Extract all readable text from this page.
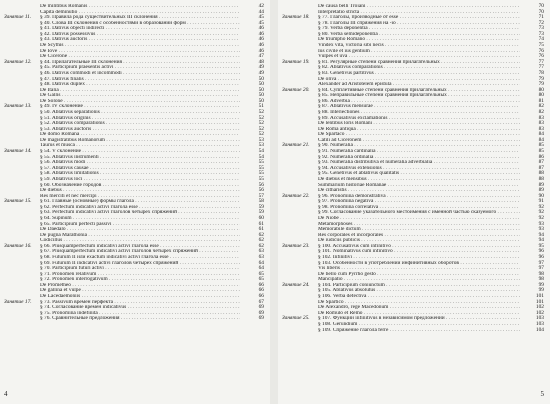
De militibus Romanis . . .	42
Capita deminutio . . .	44
Занятие 11. § 39. Правила рода существительных III склонения . . .	45
§ 40. Слова III склонения с особенностями в образовании форм . . .	45
§ 41. Dativus objecti indirecti . . .	46
§ 42. Dativus possessivus . . .	46
§ 43. Dativus auctoris . . .	46
De Scythis . . .	46
De Iove . . .	46
De Cicerone . . .	47
Занятие 12. § 44. Прилагательные III склонения . . .	48
§ 45. Participium praesentis activi . . .	49
§ 46. Dativus commodi et incommodi . . .	49
§ 47. Dativus finalis . . .	50
§ 48. Dativus duplex . . .	50
De Italia . . .	50
De Gallis . . .	50
De Solone . . .	50
Занятие 13. § 49. IV склонение . . .	51
§ 50. Ablativus separationis . . .	52
§ 51. Ablativus originis . . .	52
§ 52. Ablativus comparationis . . .	52
§ 53. Ablativus auctoris . . .	52
De domo Romana . . .	52
De magistratibus Romanorum . . .	53
Taurus et musca . . .	53
Занятие 14. § 54. V склонение . . .	54
§ 55. Ablativus instrumenti . . .	54
§ 56. Ablativus modi . . .	55
§ 57. Ablativus causae . . .	55
§ 58. Ablativus limitationis . . .	55
§ 59. Ablativus loci . . .	55
§ 60. Обозначение городов . . .	56
De diebus . . .	56
Res merciti et nec mercipi . . .	57
Занятие 15. § 61. Главные (основные) формы глагола . . .	58
§ 62. Perfectum indicativi activi глагола esse . . .	59
§ 63. Perfectum indicativi activi глаголов четырех спряжений . . .	59
§ 64. Supinum . . .	60
§ 65. Participium perfecti passivi . . .	61
De Daedalo . . .	61
De pugna Marathonia . . .	62
Codicillus . . .	62
Занятие 16. § 66. Plusquamperfectum indicativi activi глагола esse . . .	62
§ 67. Plusquamperfectum indicativi activi глаголов четырех спряжений . . .	63
§ 68. Futurum II или exactum indicativi activi глагола esse . . .	63
§ 69. Futurum II indicativi activi глаголов четырех спряжений . . .	64
§ 70. Participium futuri activi . . .	64
§ 71. Pronomen relativum . . .	65
§ 72. Pronomen interrogativum . . .	65
De Prometheo . . .	66
De gallina et vulpe . . .	66
De Lacedaemoniis . . .	66
Занятие 17. § 73. Passivum времен перфекта . . .	67
§ 74. Согласование времен indicativus . . .	69
§ 75. Pronomina indefinita . . .	69
§ 76. Сравнительные предложения . . .	69
4
De causa belli Troiani . . .	70
Interpretatio stricta . . .	70
Занятие 18. § 77. Глаголы, производные от esse . . .	71
§ 78. Глаголы III спряжения на -io . . .	72
§ 79. Verba deponentia . . .	73
§ 80. Verba semideponentia . . .	73
De triumpho Romano . . .	74
Vindex vita, victoria sibi necis . . .	75
Ius civile et ius gentium . . .	76
Vulpes et uva . . .	76
Занятие 19. § 81. Регулярные степени сравнения прилагательных . . .	77
§ 82. Ablativus comparationis . . .	77
§ 83. Genetivus partitivus . . .	78
De oliva . . .	79
Alexander ad Aristotelem epistula . . .	79
Занятие 20. § 84. Супплетивные степени сравнения прилагательных . . .	80
§ 85. Неправильные степени сравнения прилагательных . . .	80
§ 86. Adverbia . . .	81
§ 87. Ablativus mensurae . . .	82
§ 88. Interiectiones . . .	82
§ 89. Accusativus exclamationis . . .	83
De lentibus loris Romani . . .	83
De Roma antiqua . . .	83
De Spartaco . . .	84
Catili ad Ciceronem . . .	84
Занятие 21. § 90. Numeralia . . .	85
§ 91. Numeralia cardinalia . . .	85
§ 92. Numeralia ordinalia . . .	86
§ 93. Numeralia distributiva et numeralia adverbialia . . .	87
§ 94. Accusativus extensionis . . .	87
§ 95. Genetivus et ablativus qualitatis . . .	88
De diebus et mensibus . . .	88
Summarium historiae Romanae . . .	89
De citharistis . . .	89
Занятие 22. § 96. Pronomina demonstrativa . . .	90
§ 97. Pronomina negativa . . .	91
§ 98. Pronomina correlativa . . .	92
§ 99. Согласование указательного местоимения с именной частью сказуемого . . .	92
De Niobe . . .	92
Metamorphoses . . .	93
Memorabile dictum . . .	93
Res corporales et incorporales . . .	94
De iudiciis publicis . . .	94
Занятие 23. § 100. Accusativus cum infinitivo . . .	95
§ 101. Nominativus cum infinitivo . . .	96
§ 102. Infinitivi . . .	96
§ 103. Особенности в употреблении инфинитивных оборотов . . .	97
Vis liberis . . .	97
De bello cum Pyrrho gesto . . .	98
Mancipatio . . .	98
Занятие 24. § 104. Participium coniunctum . . .	99
§ 105. Ablativus absolutus . . .	99
§ 106. Verba defectiva . . .	101
De Spartico . . .	101
De Alexandro, rege Macedonum . . .	102
De Romulo et Remo . . .	102
Занятие 25. § 107. Функции infinitivus в независимом предложении . . .	103
§ 108. Gerundium . . .	103
§ 109. Спряжение глагола ferre . . .	104
5
